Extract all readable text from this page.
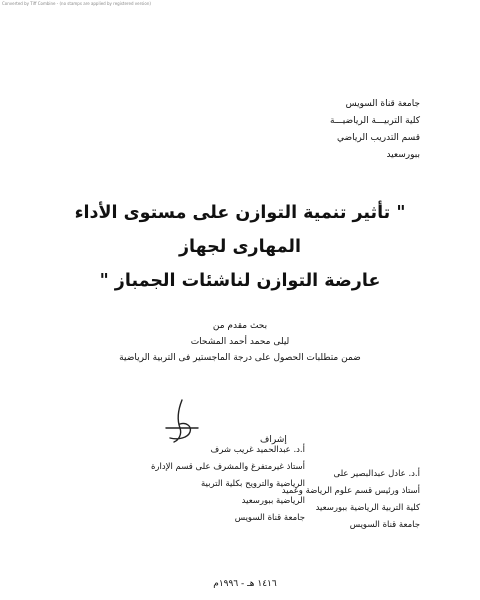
Converted by Tiff Combine - (no stamps are applied by registered version)
جامعة قناة السويس
كلية التربيـــة الرياضيـــة
قسم التدريب الرياضي
ببورسعيد
" تأثير تنمية التوازن على مستوى الأداء المهارى لجهاز
عارضة التوازن لناشئات الجمباز "
بحث مقدم من
ليلى محمد أحمد المشحات
ضمن متطلبات الحصول على درجة الماجستير فى التربية الرياضية
إشراف
أ.د. عادل عبدالبصير على
أستاذ ورئيس قسم علوم الرياضة وعميد
كلية التربية الرياضية ببورسعيد
جامعة قناة السويس
أ.د. عبدالحميد غريب شرف
أستاذ غيرمتفرغ والمشرف على قسم الإدارة
الرياضية والترويح بكلية التربية
الرياضية ببورسعيد
جامعة قناة السويس
١٤١٦ هـ - ١٩٩٦م
